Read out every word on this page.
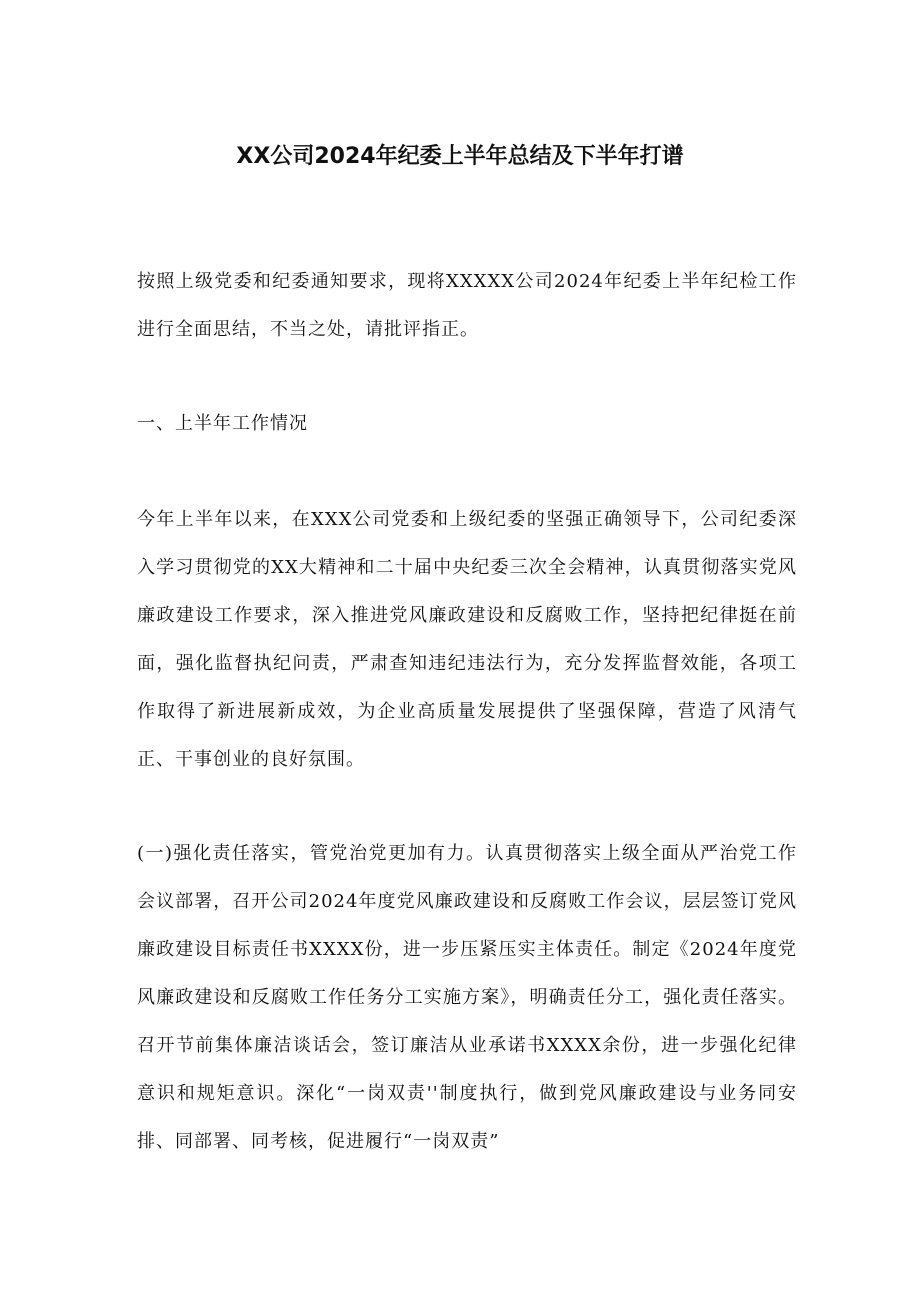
XX公司2024年纪委上半年总结及下半年打谱

按照上级党委和纪委通知要求，现将XXXXX公司2024年纪委上半年纪检工作进行全面思结，不当之处，请批评指正。

一、上半年工作情况

今年上半年以来，在XXX公司党委和上级纪委的坚强正确领导下，公司纪委深入学习贯彻党的XX大精神和二十届中央纪委三次全会精神，认真贯彻落实党风廉政建设工作要求，深入推进党风廉政建设和反腐败工作，坚持把纪律挺在前面，强化监督执纪问责，严肃查知违纪违法行为，充分发挥监督效能，各项工作取得了新进展新成效，为企业高质量发展提供了坚强保障，营造了风清气正、干事创业的良好氛围。

(一)强化责任落实，管党治党更加有力。认真贯彻落实上级全面从严治党工作会议部署，召开公司2024年度党风廉政建设和反腐败工作会议，层层签订党风廉政建设目标责任书XXXX份，进一步压紧压实主体责任。制定《2024年度党风廉政建设和反腐败工作任务分工实施方案》，明确责任分工，强化责任落实。召开节前集体廉洁谈话会，签订廉洁从业承诺书XXXX余份，进一步强化纪律意识和规矩意识。深化“一岗双责''制度执行，做到党风廉政建设与业务同安排、同部署、同考核，促进履行“一岗双责”
